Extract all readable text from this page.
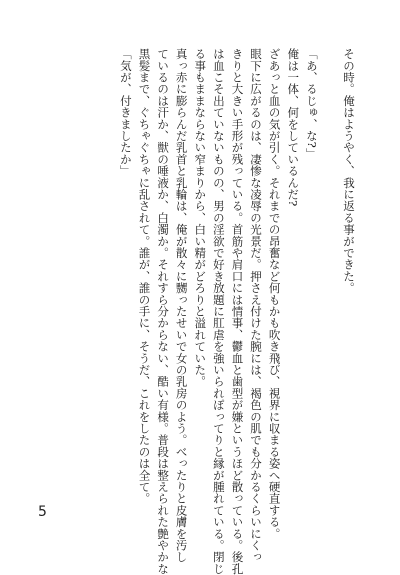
その時。俺はようやく、我に返る事ができた。

「あ、るじゅ、な?」

俺は一体、何をしているんだ?

ざあっと血の気が引く。それまでの昂奮など何もかも吹き飛び、視界に収まる姿へ硬直する。

眼下に広がるのは、凄惨な凌辱の光景だ。押さえ付けた腕には、褐色の肌でも分かるくらいにくっ

きりと大きい手形が残っている。首筋や肩口には情事、鬱血と歯型が嫌というほど散っている。後孔

は血こそ出ていないものの、男の淫欲で好き放題に肛虐を強いられぽってりと縁が腫れている。閉じ

る事もままならない窄まりから、白い精がどろりと溢れていた。

真っ赤に膨らんだ乳首と乳輪は、俺が散々に嬲ったせいで女の乳房のよう。べったりと皮膚を汚し

ているのは汗か、獣の唾液か、白濁か。それすら分からない、酷い有様。普段は整えられた艶やかな

黒髪まで、ぐちゃぐちゃに乱されて。誰が、誰の手に、そうだ、これをしたのは全て。

「気が、付きましたか」

5
